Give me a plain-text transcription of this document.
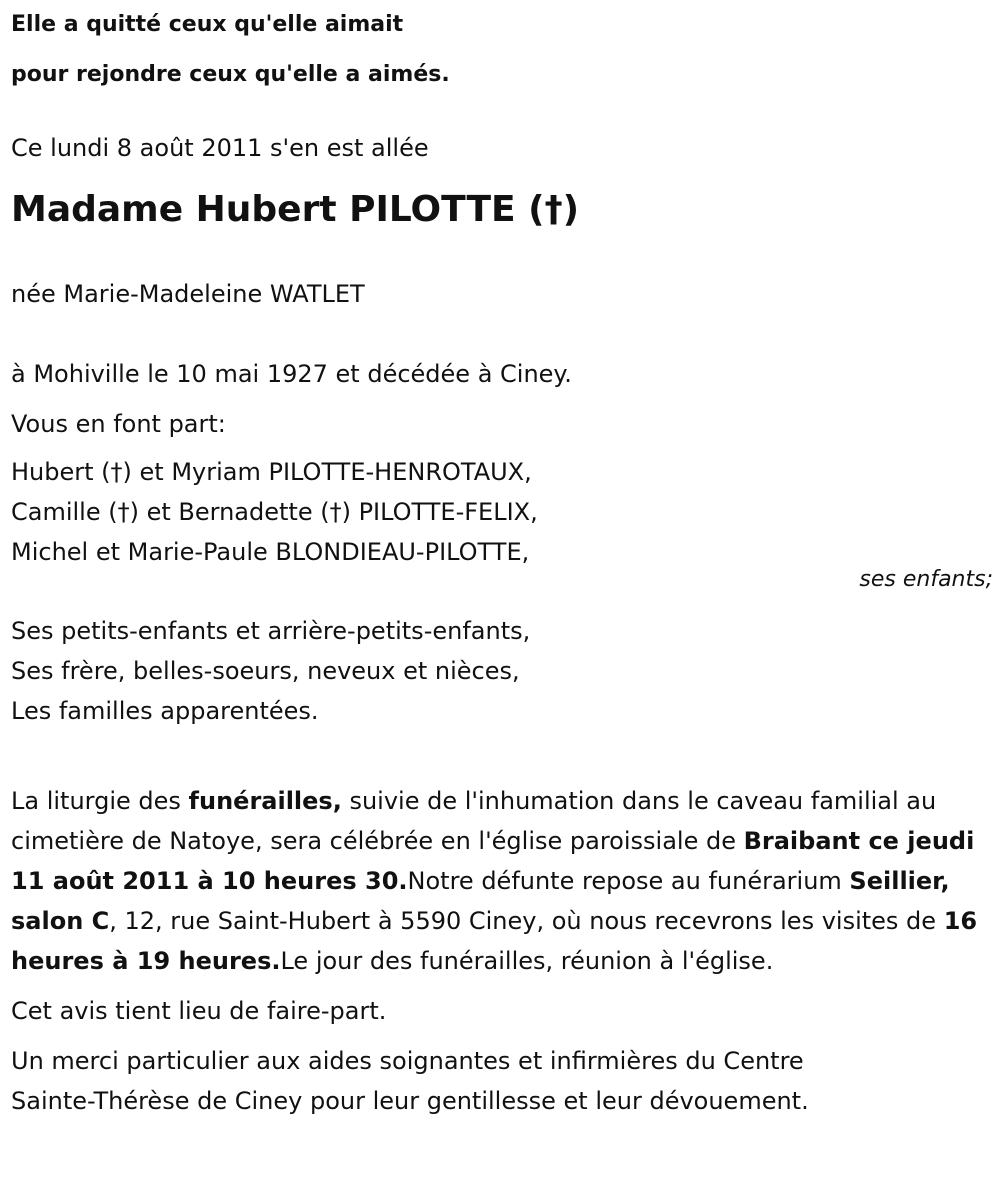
Elle a quitté ceux qu'elle aimait

pour rejondre ceux qu'elle a aimés.

Ce lundi 8 août 2011 s'en est allée

Madame Hubert PILOTTE (†)

née Marie-Madeleine WATLET

à Mohiville le 10 mai 1927 et décédée à Ciney.

Vous en font part:

Hubert (†) et Myriam PILOTTE-HENROTAUX,
Camille (†) et Bernadette (†) PILOTTE-FELIX,
Michel et Marie-Paule BLONDIEAU-PILOTTE,
ses enfants;
Ses petits-enfants et arrière-petits-enfants,
Ses frère, belles-soeurs, neveux et nièces,
Les familles apparentées.

La liturgie des funérailles, suivie de l'inhumation dans le caveau familial au cimetière de Natoye, sera célébrée en l'église paroissiale de Braibant ce jeudi 11 août 2011 à 10 heures 30.Notre défunte repose au funérarium Seillier, salon C, 12, rue Saint-Hubert à 5590 Ciney, où nous recevrons les visites de 16 heures à 19 heures.Le jour des funérailles, réunion à l'église.

Cet avis tient lieu de faire-part.

Un merci particulier aux aides soignantes et infirmières du Centre
Sainte-Thérèse de Ciney pour leur gentillesse et leur dévouement.
